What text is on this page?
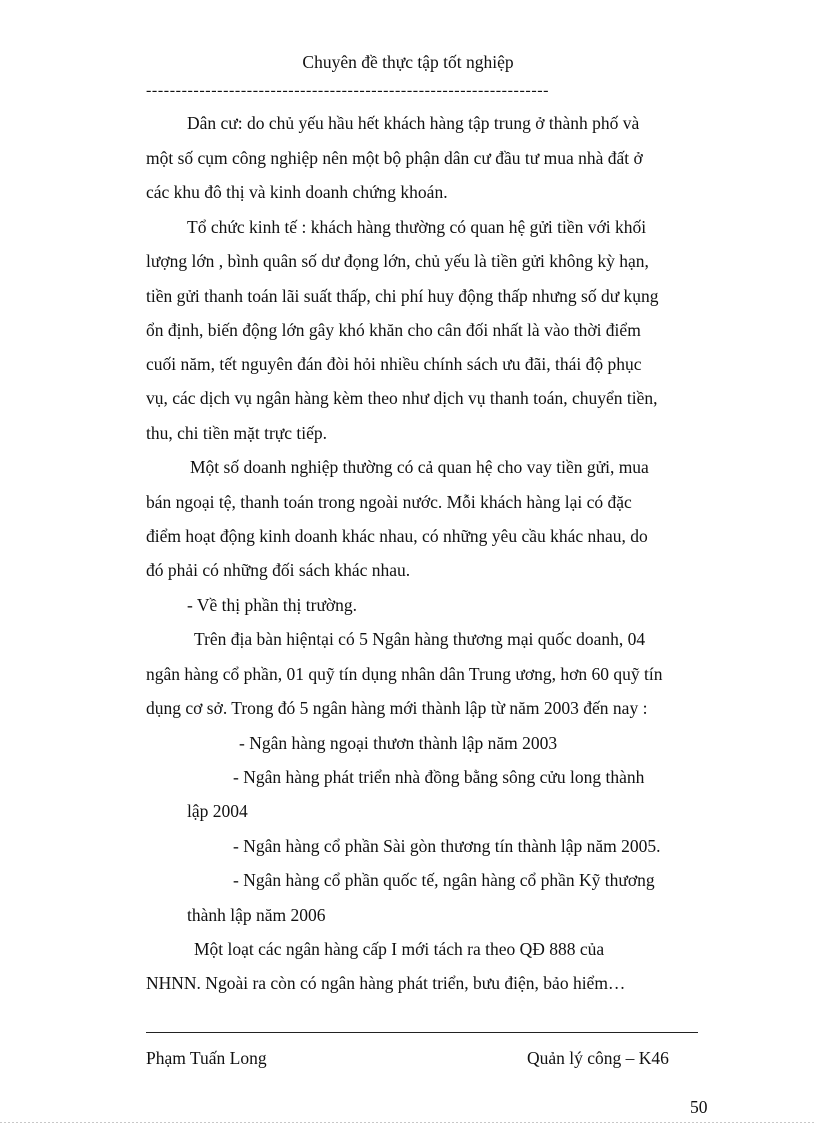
Chuyên đề thực tập tốt nghiệp
--------------------------------------------------------------------
Dân cư: do chủ yếu hầu hết khách hàng tập trung ở thành phố và
một số cụm công nghiệp nên một bộ phận dân cư đầu tư mua nhà đất ở
các khu đô thị và kinh doanh chứng khoán.
Tổ chức kinh tế : khách hàng thường có quan hệ gửi tiền với khối
lượng lớn , bình quân số dư đọng lớn, chủ yếu là tiền gửi không kỳ hạn,
tiền gửi thanh toán lãi suất thấp, chi phí huy động thấp nhưng số dư kụng
ổn định, biến động lớn gây khó khăn cho cân đối nhất là vào thời điểm
cuối năm, tết nguyên đán đòi hỏi nhiều chính sách ưu đãi, thái độ phục
vụ, các dịch vụ ngân hàng kèm theo như dịch vụ thanh toán, chuyển tiền,
thu, chi tiền mặt trực tiếp.
Một số doanh nghiệp thường có cả quan hệ cho vay tiền gửi, mua
bán ngoại tệ, thanh toán trong ngoài nước. Mỗi khách hàng lại có đặc
điểm hoạt động kinh doanh khác nhau, có những yêu cầu khác nhau, do
đó phải có những đối sách khác nhau.
- Về thị phần thị trường.
Trên địa bàn hiệntại có 5 Ngân hàng thương mại quốc doanh, 04
ngân hàng cổ phần, 01 quỹ tín dụng nhân dân Trung ương, hơn 60 quỹ tín
dụng cơ sở. Trong đó 5 ngân hàng mới thành lập từ năm 2003 đến nay :
- Ngân hàng ngoại thươn thành lập năm 2003
- Ngân hàng phát triển nhà đồng bằng sông cửu long thành
lập 2004
- Ngân hàng cổ phần Sài gòn thương tín thành lập năm 2005.
- Ngân hàng cổ phần quốc tế, ngân hàng cổ phần Kỹ thương
thành lập năm 2006
Một loạt các ngân hàng cấp I mới tách ra theo QĐ 888 của
NHNN. Ngoài ra còn có ngân hàng phát triển, bưu điện, bảo hiểm…
Phạm Tuấn Long	Quản lý công – K46
50
